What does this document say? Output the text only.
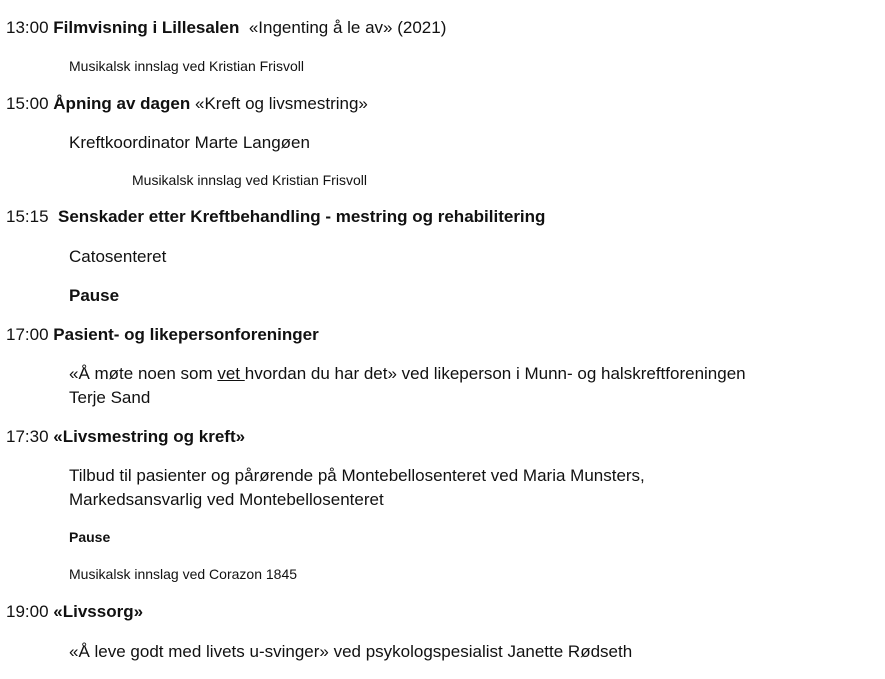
13:00 Filmvisning i Lillesalen «Ingenting å le av» (2021)
Musikalsk innslag ved Kristian Frisvoll
15:00 Åpning av dagen «Kreft og livsmestring»
Kreftkoordinator Marte Langøen
Musikalsk innslag ved Kristian Frisvoll
15:15 Senskader etter Kreftbehandling - mestring og rehabilitering
Catosenteret
Pause
17:00 Pasient- og likepersonforeninger
«Å møte noen som vet hvordan du har det» ved likeperson i Munn- og halskreftforeningen
Terje Sand
17:30 «Livsmestring og kreft»
Tilbud til pasienter og pårørende på Montebellosenteret ved Maria Munsters,
Markedsansvarlig ved Montebellosenteret
Pause
Musikalsk innslag ved Corazon 1845
19:00 «Livssorg»
«Å leve godt med livets u-svinger» ved psykologspesialist Janette Rødseth
